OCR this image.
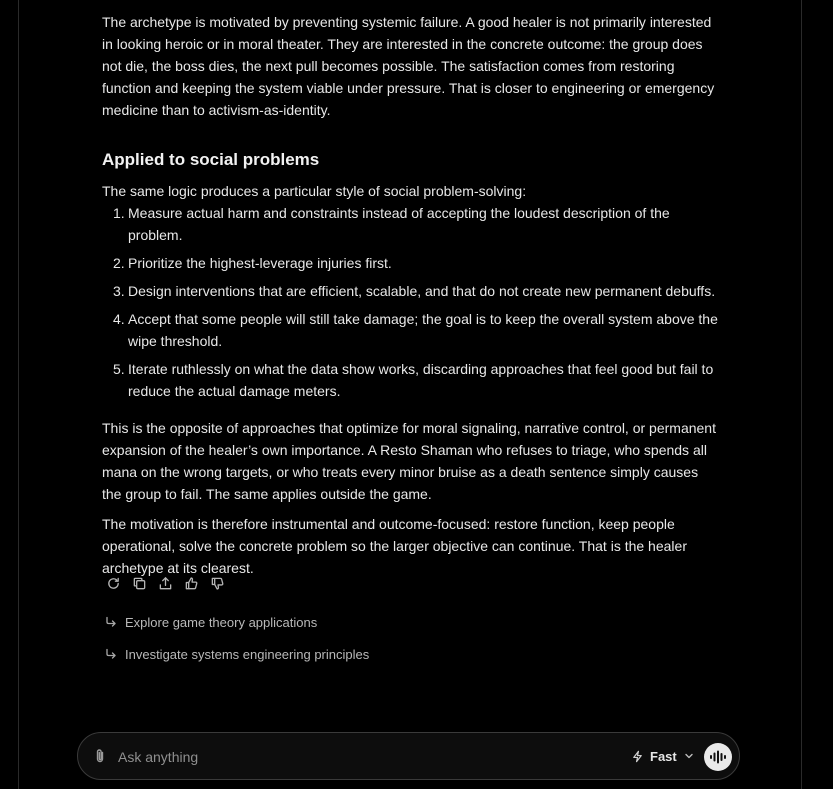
The archetype is motivated by preventing systemic failure. A good healer is not primarily interested in looking heroic or in moral theater. They are interested in the concrete outcome: the group does not die, the boss dies, the next pull becomes possible. The satisfaction comes from restoring function and keeping the system viable under pressure. That is closer to engineering or emergency medicine than to activism-as-identity.

Applied to social problems

The same logic produces a particular style of social problem-solving:

1. Measure actual harm and constraints instead of accepting the loudest description of the problem.
2. Prioritize the highest-leverage injuries first.
3. Design interventions that are efficient, scalable, and that do not create new permanent debuffs.
4. Accept that some people will still take damage; the goal is to keep the overall system above the wipe threshold.
5. Iterate ruthlessly on what the data show works, discarding approaches that feel good but fail to reduce the actual damage meters.

This is the opposite of approaches that optimize for moral signaling, narrative control, or permanent expansion of the healer’s own importance. A Resto Shaman who refuses to triage, who spends all mana on the wrong targets, or who treats every minor bruise as a death sentence simply causes the group to fail. The same applies outside the game.

The motivation is therefore instrumental and outcome-focused: restore function, keep people operational, solve the concrete problem so the larger objective can continue. That is the healer archetype at its clearest.

Explore game theory applications
Investigate systems engineering principles
Ask anything
Fast
